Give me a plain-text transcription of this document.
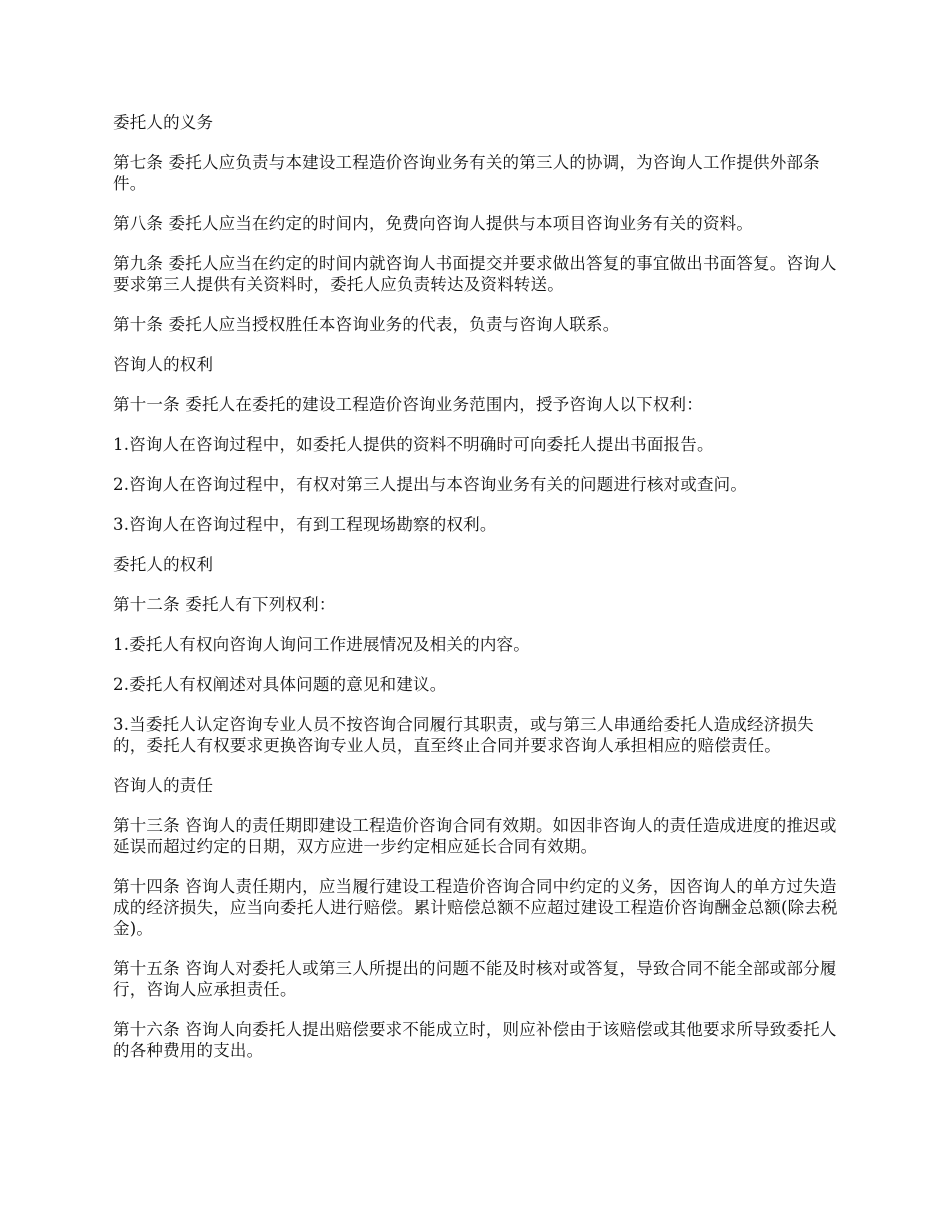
委托人的义务

第七条 委托人应负责与本建设工程造价咨询业务有关的第三人的协调，为咨询人工作提供外部条件。

第八条 委托人应当在约定的时间内，免费向咨询人提供与本项目咨询业务有关的资料。

第九条 委托人应当在约定的时间内就咨询人书面提交并要求做出答复的事宜做出书面答复。咨询人要求第三人提供有关资料时，委托人应负责转达及资料转送。

第十条 委托人应当授权胜任本咨询业务的代表，负责与咨询人联系。

咨询人的权利

第十一条 委托人在委托的建设工程造价咨询业务范围内，授予咨询人以下权利：

1.咨询人在咨询过程中，如委托人提供的资料不明确时可向委托人提出书面报告。

2.咨询人在咨询过程中，有权对第三人提出与本咨询业务有关的问题进行核对或查问。

3.咨询人在咨询过程中，有到工程现场勘察的权利。

委托人的权利

第十二条 委托人有下列权利：

1.委托人有权向咨询人询问工作进展情况及相关的内容。

2.委托人有权阐述对具体问题的意见和建议。

3.当委托人认定咨询专业人员不按咨询合同履行其职责，或与第三人串通给委托人造成经济损失的，委托人有权要求更换咨询专业人员，直至终止合同并要求咨询人承担相应的赔偿责任。

咨询人的责任

第十三条 咨询人的责任期即建设工程造价咨询合同有效期。如因非咨询人的责任造成进度的推迟或延误而超过约定的日期，双方应进一步约定相应延长合同有效期。

第十四条 咨询人责任期内，应当履行建设工程造价咨询合同中约定的义务，因咨询人的单方过失造成的经济损失，应当向委托人进行赔偿。累计赔偿总额不应超过建设工程造价咨询酬金总额(除去税金)。

第十五条 咨询人对委托人或第三人所提出的问题不能及时核对或答复，导致合同不能全部或部分履行，咨询人应承担责任。

第十六条 咨询人向委托人提出赔偿要求不能成立时，则应补偿由于该赔偿或其他要求所导致委托人的各种费用的支出。
